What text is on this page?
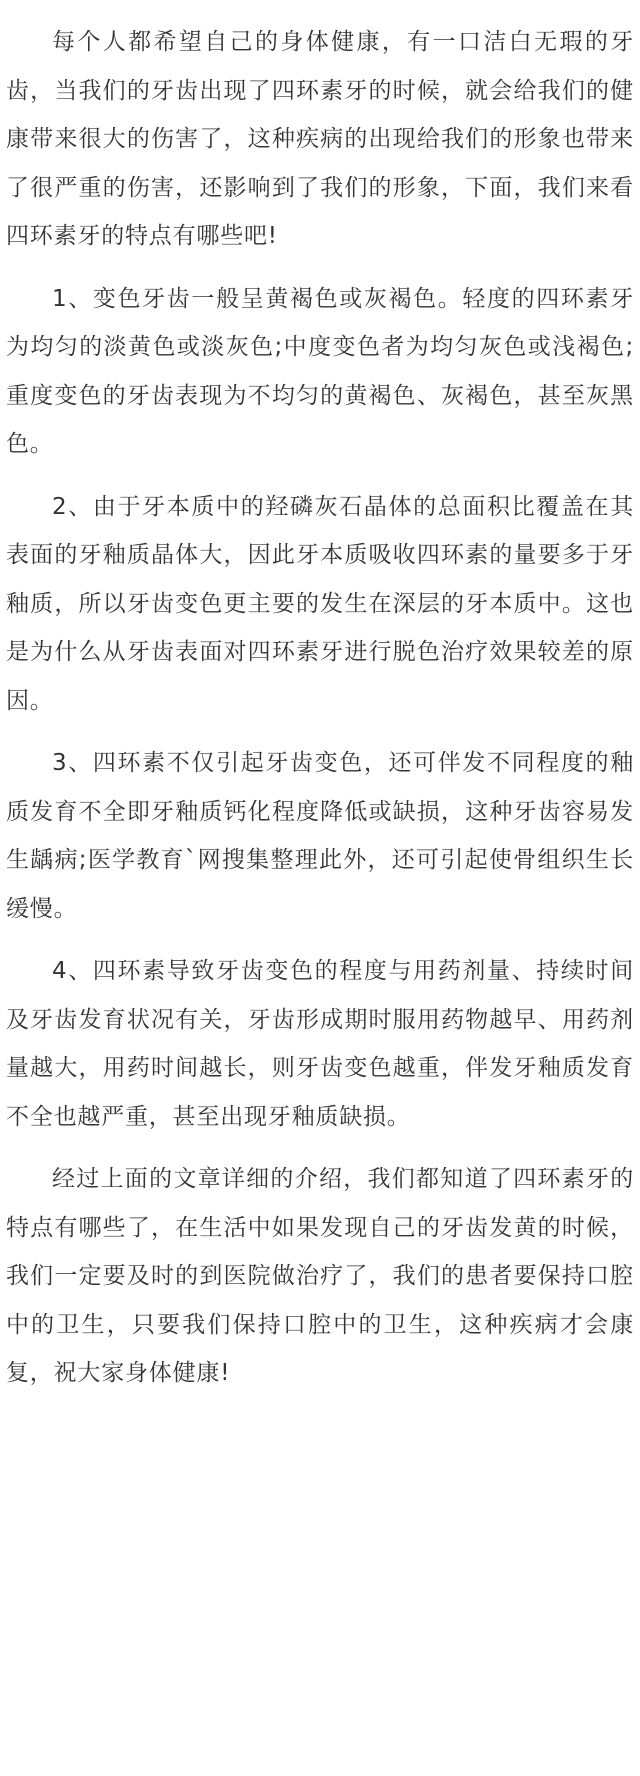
每个人都希望自己的身体健康，有一口洁白无瑕的牙齿，当我们的牙齿出现了四环素牙的时候，就会给我们的健康带来很大的伤害了，这种疾病的出现给我们的形象也带来了很严重的伤害，还影响到了我们的形象，下面，我们来看四环素牙的特点有哪些吧!

1、变色牙齿一般呈黄褐色或灰褐色。轻度的四环素牙为均匀的淡黄色或淡灰色;中度变色者为均匀灰色或浅褐色;重度变色的牙齿表现为不均匀的黄褐色、灰褐色，甚至灰黑色。

2、由于牙本质中的羟磷灰石晶体的总面积比覆盖在其表面的牙釉质晶体大，因此牙本质吸收四环素的量要多于牙釉质，所以牙齿变色更主要的发生在深层的牙本质中。这也是为什么从牙齿表面对四环素牙进行脱色治疗效果较差的原因。

3、四环素不仅引起牙齿变色，还可伴发不同程度的釉质发育不全即牙釉质钙化程度降低或缺损，这种牙齿容易发生龋病;医学教育`网搜集整理此外，还可引起使骨组织生长缓慢。

4、四环素导致牙齿变色的程度与用药剂量、持续时间及牙齿发育状况有关，牙齿形成期时服用药物越早、用药剂量越大，用药时间越长，则牙齿变色越重，伴发牙釉质发育不全也越严重，甚至出现牙釉质缺损。

经过上面的文章详细的介绍，我们都知道了四环素牙的特点有哪些了，在生活中如果发现自己的牙齿发黄的时候，我们一定要及时的到医院做治疗了，我们的患者要保持口腔中的卫生，只要我们保持口腔中的卫生，这种疾病才会康复，祝大家身体健康!
